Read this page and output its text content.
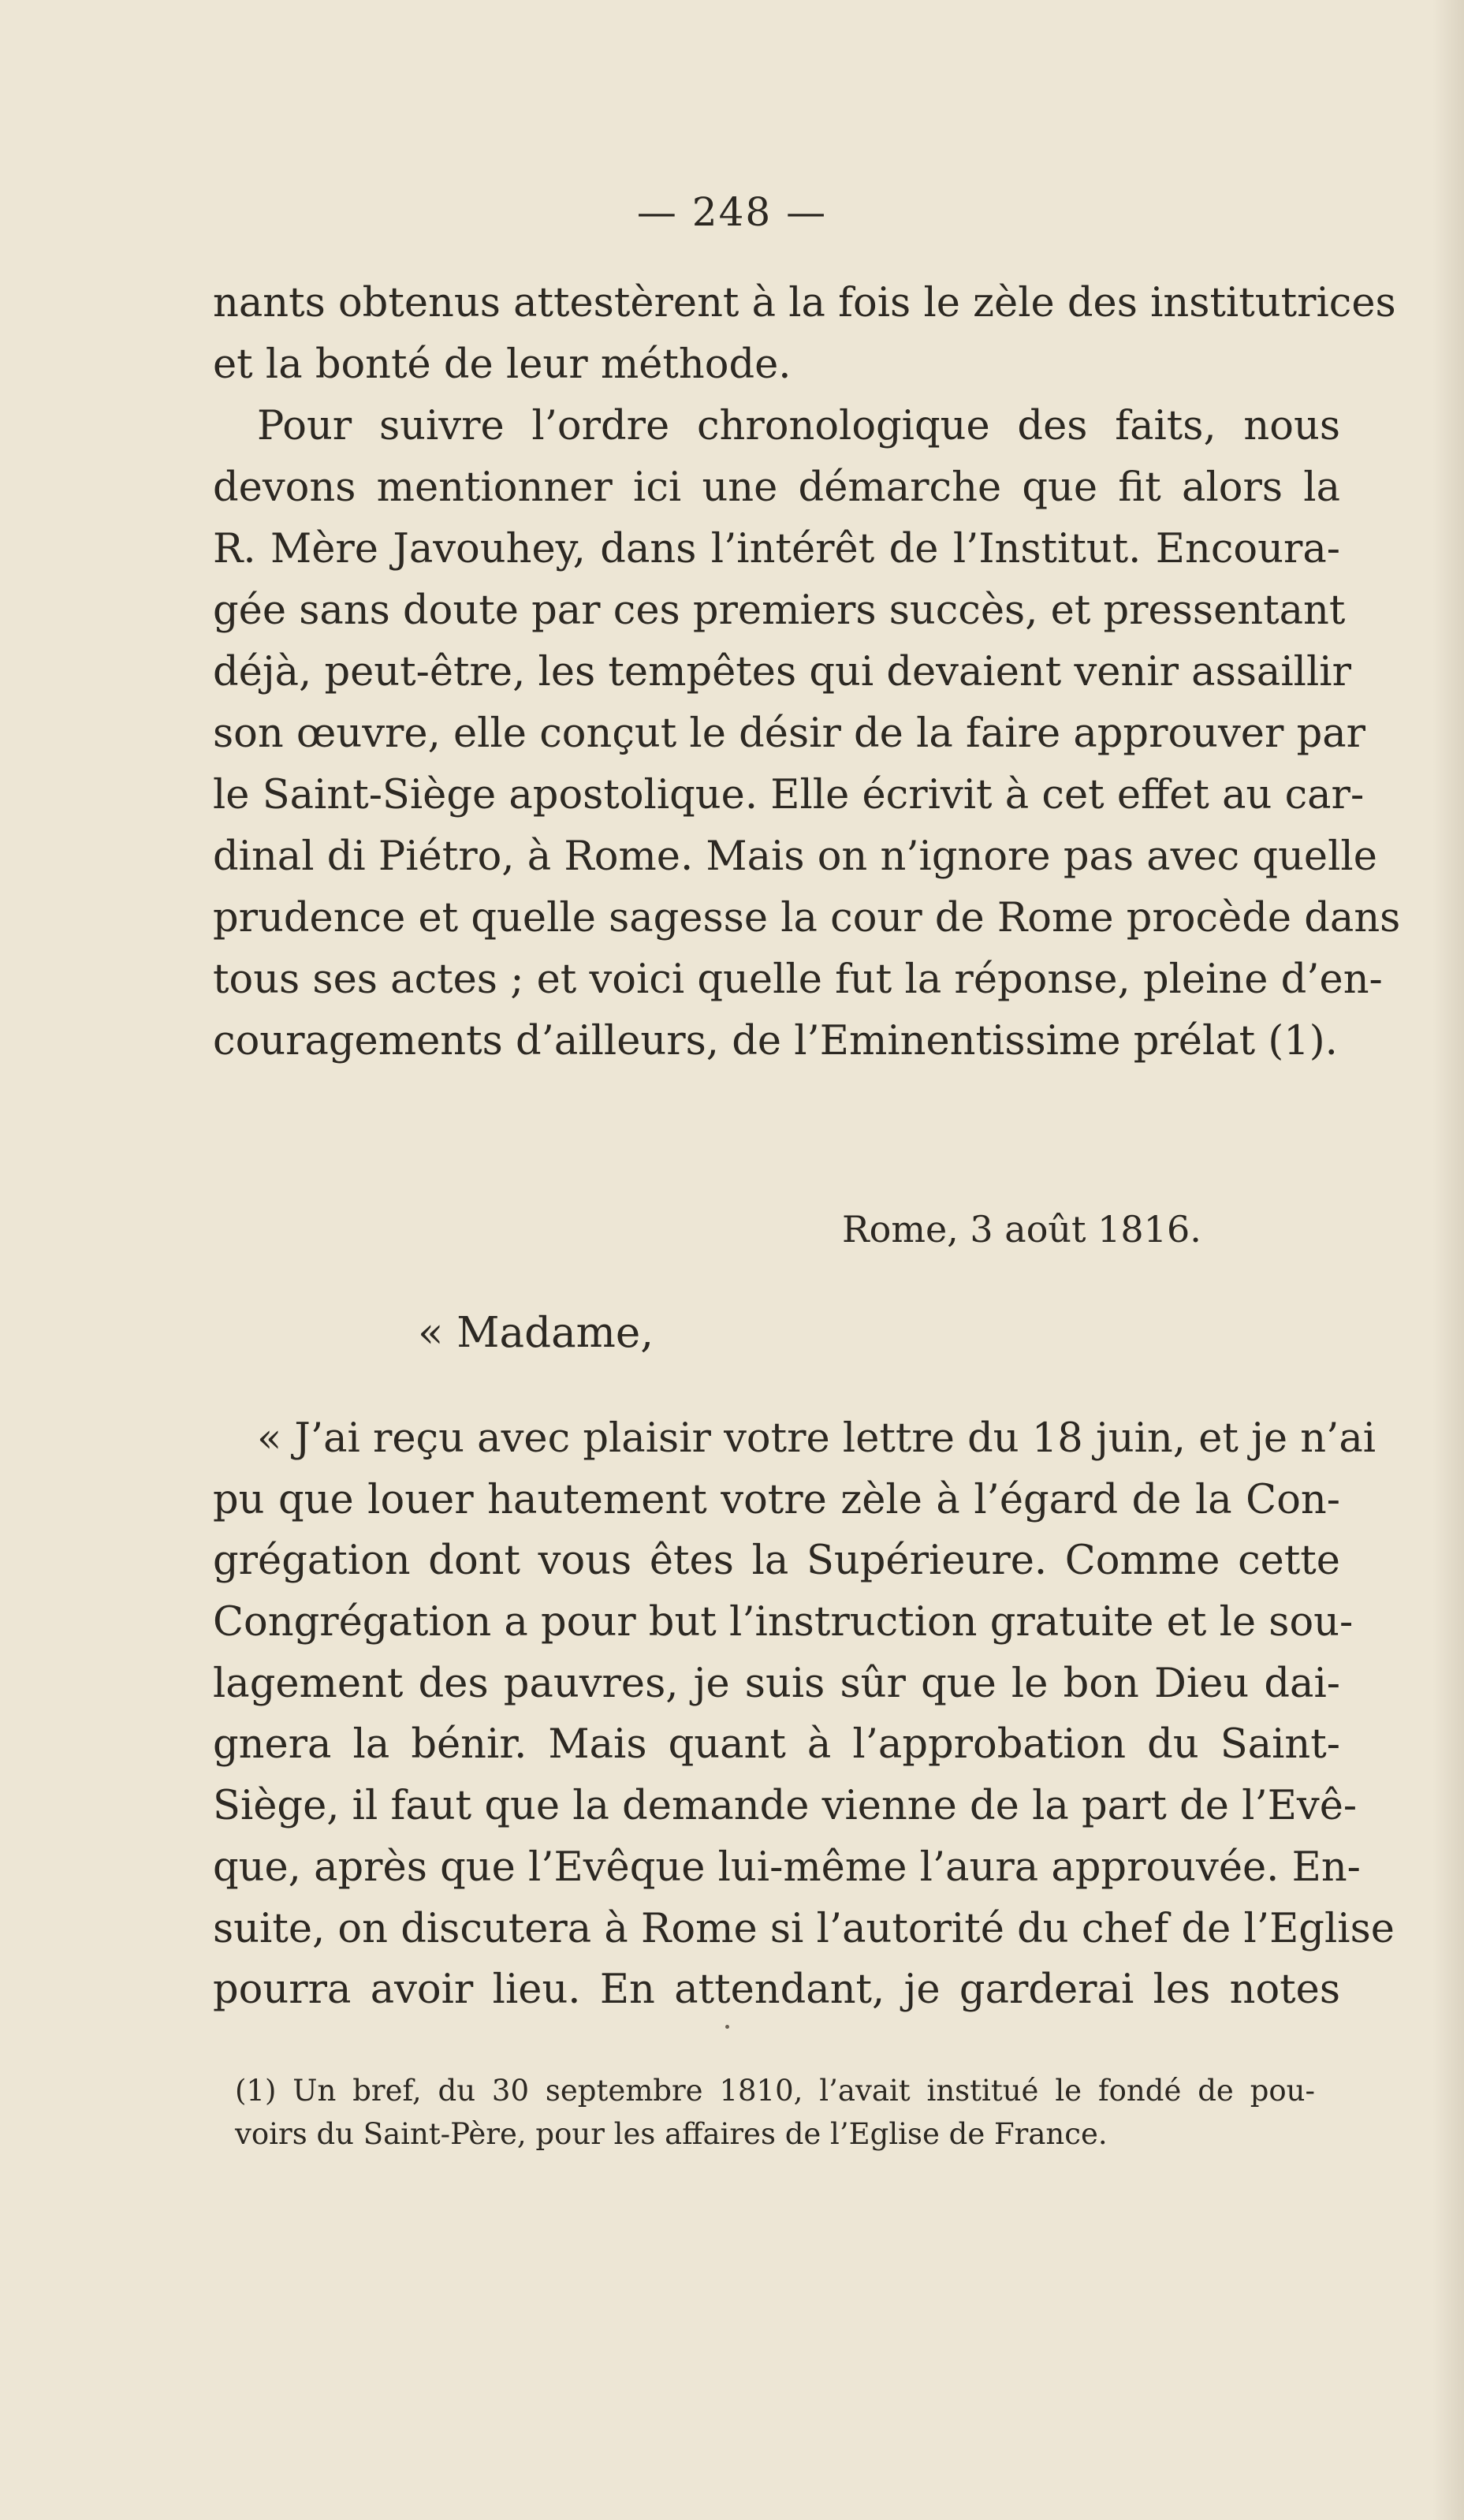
— 248 —
nants obtenus attestèrent à la fois le zèle des institutrices
et la bonté de leur méthode.
Pour suivre l’ordre chronologique des faits, nous
devons mentionner ici une démarche que fit alors la
R. Mère Javouhey, dans l’intérêt de l’Institut. Encoura-
gée sans doute par ces premiers succès, et pressentant
déjà, peut-être, les tempêtes qui devaient venir assaillir
son œuvre, elle conçut le désir de la faire approuver par
le Saint-Siège apostolique. Elle écrivit à cet effet au car-
dinal di Piétro, à Rome. Mais on n’ignore pas avec quelle
prudence et quelle sagesse la cour de Rome procède dans
tous ses actes ; et voici quelle fut la réponse, pleine d’en-
couragements d’ailleurs, de l’Eminentissime prélat (1).
Rome, 3 août 1816.
« Madame,
« J’ai reçu avec plaisir votre lettre du 18 juin, et je n’ai
pu que louer hautement votre zèle à l’égard de la Con-
grégation dont vous êtes la Supérieure. Comme cette
Congrégation a pour but l’instruction gratuite et le sou-
lagement des pauvres, je suis sûr que le bon Dieu dai-
gnera la bénir. Mais quant à l’approbation du Saint-
Siège, il faut que la demande vienne de la part de l’Evê-
que, après que l’Evêque lui-même l’aura approuvée. En-
suite, on discutera à Rome si l’autorité du chef de l’Eglise
pourra avoir lieu. En attendant, je garderai les notes
(1) Un bref, du 30 septembre 1810, l’avait institué le fondé de pou-
voirs du Saint-Père, pour les affaires de l’Eglise de France.
